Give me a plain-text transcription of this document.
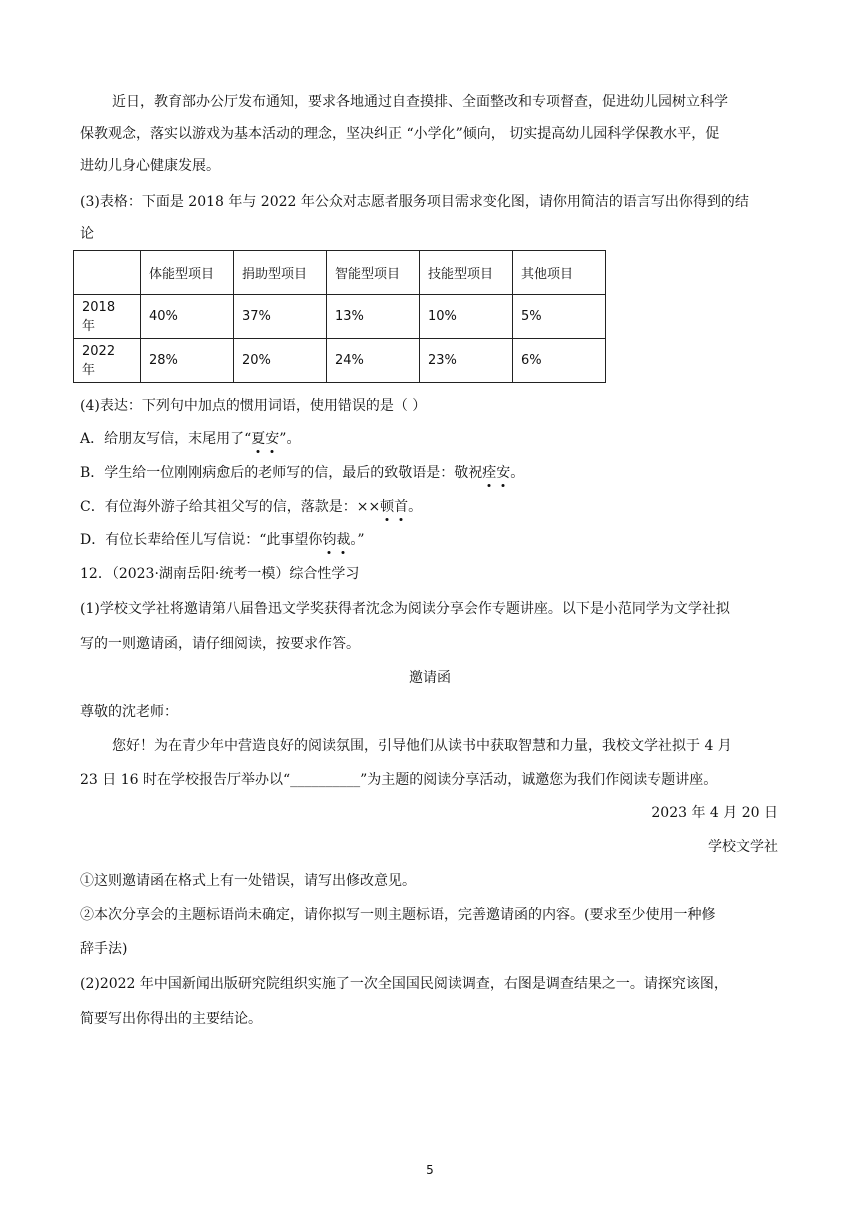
近日，教育部办公厅发布通知，要求各地通过自查摸排、全面整改和专项督查，促进幼儿园树立科学
保教观念，落实以游戏为基本活动的理念，坚决纠正 “小学化”倾向， 切实提高幼儿园科学保教水平，促
进幼儿身心健康发展。
(3)表格：下面是 2018 年与 2022 年公众对志愿者服务项目需求变化图，请你用简洁的语言写出你得到的结
论
	体能型项目	捐助型项目	智能型项目	技能型项目	其他项目
2018 年	40%	37%	13%	10%	5%
2022 年	28%	20%	24%	23%	6%
(4)表达：下列句中加点的惯用词语，使用错误的是（ ）
A．给朋友写信，末尾用了“夏安”。
B．学生给一位刚刚病愈后的老师写的信，最后的致敬语是：敬祝痊安。
C．有位海外游子给其祖父写的信，落款是：××顿首。
D．有位长辈给侄儿写信说：“此事望你钧裁。”
12．（2023·湖南岳阳·统考一模）综合性学习
(1)学校文学社将邀请第八届鲁迅文学奖获得者沈念为阅读分享会作专题讲座。以下是小范同学为文学社拟
写的一则邀请函，请仔细阅读，按要求作答。
邀请函
尊敬的沈老师：
您好！为在青少年中营造良好的阅读氛围，引导他们从读书中获取智慧和力量，我校文学社拟于 4 月
23 日 16 时在学校报告厅举办以“__________”为主题的阅读分享活动，诚邀您为我们作阅读专题讲座。
2023 年 4 月 20 日
学校文学社
①这则邀请函在格式上有一处错误，请写出修改意见。
②本次分享会的主题标语尚未确定，请你拟写一则主题标语，完善邀请函的内容。(要求至少使用一种修
辞手法)
(2)2022 年中国新闻出版研究院组织实施了一次全国国民阅读调查，右图是调查结果之一。请探究该图，
简要写出你得出的主要结论。
5
